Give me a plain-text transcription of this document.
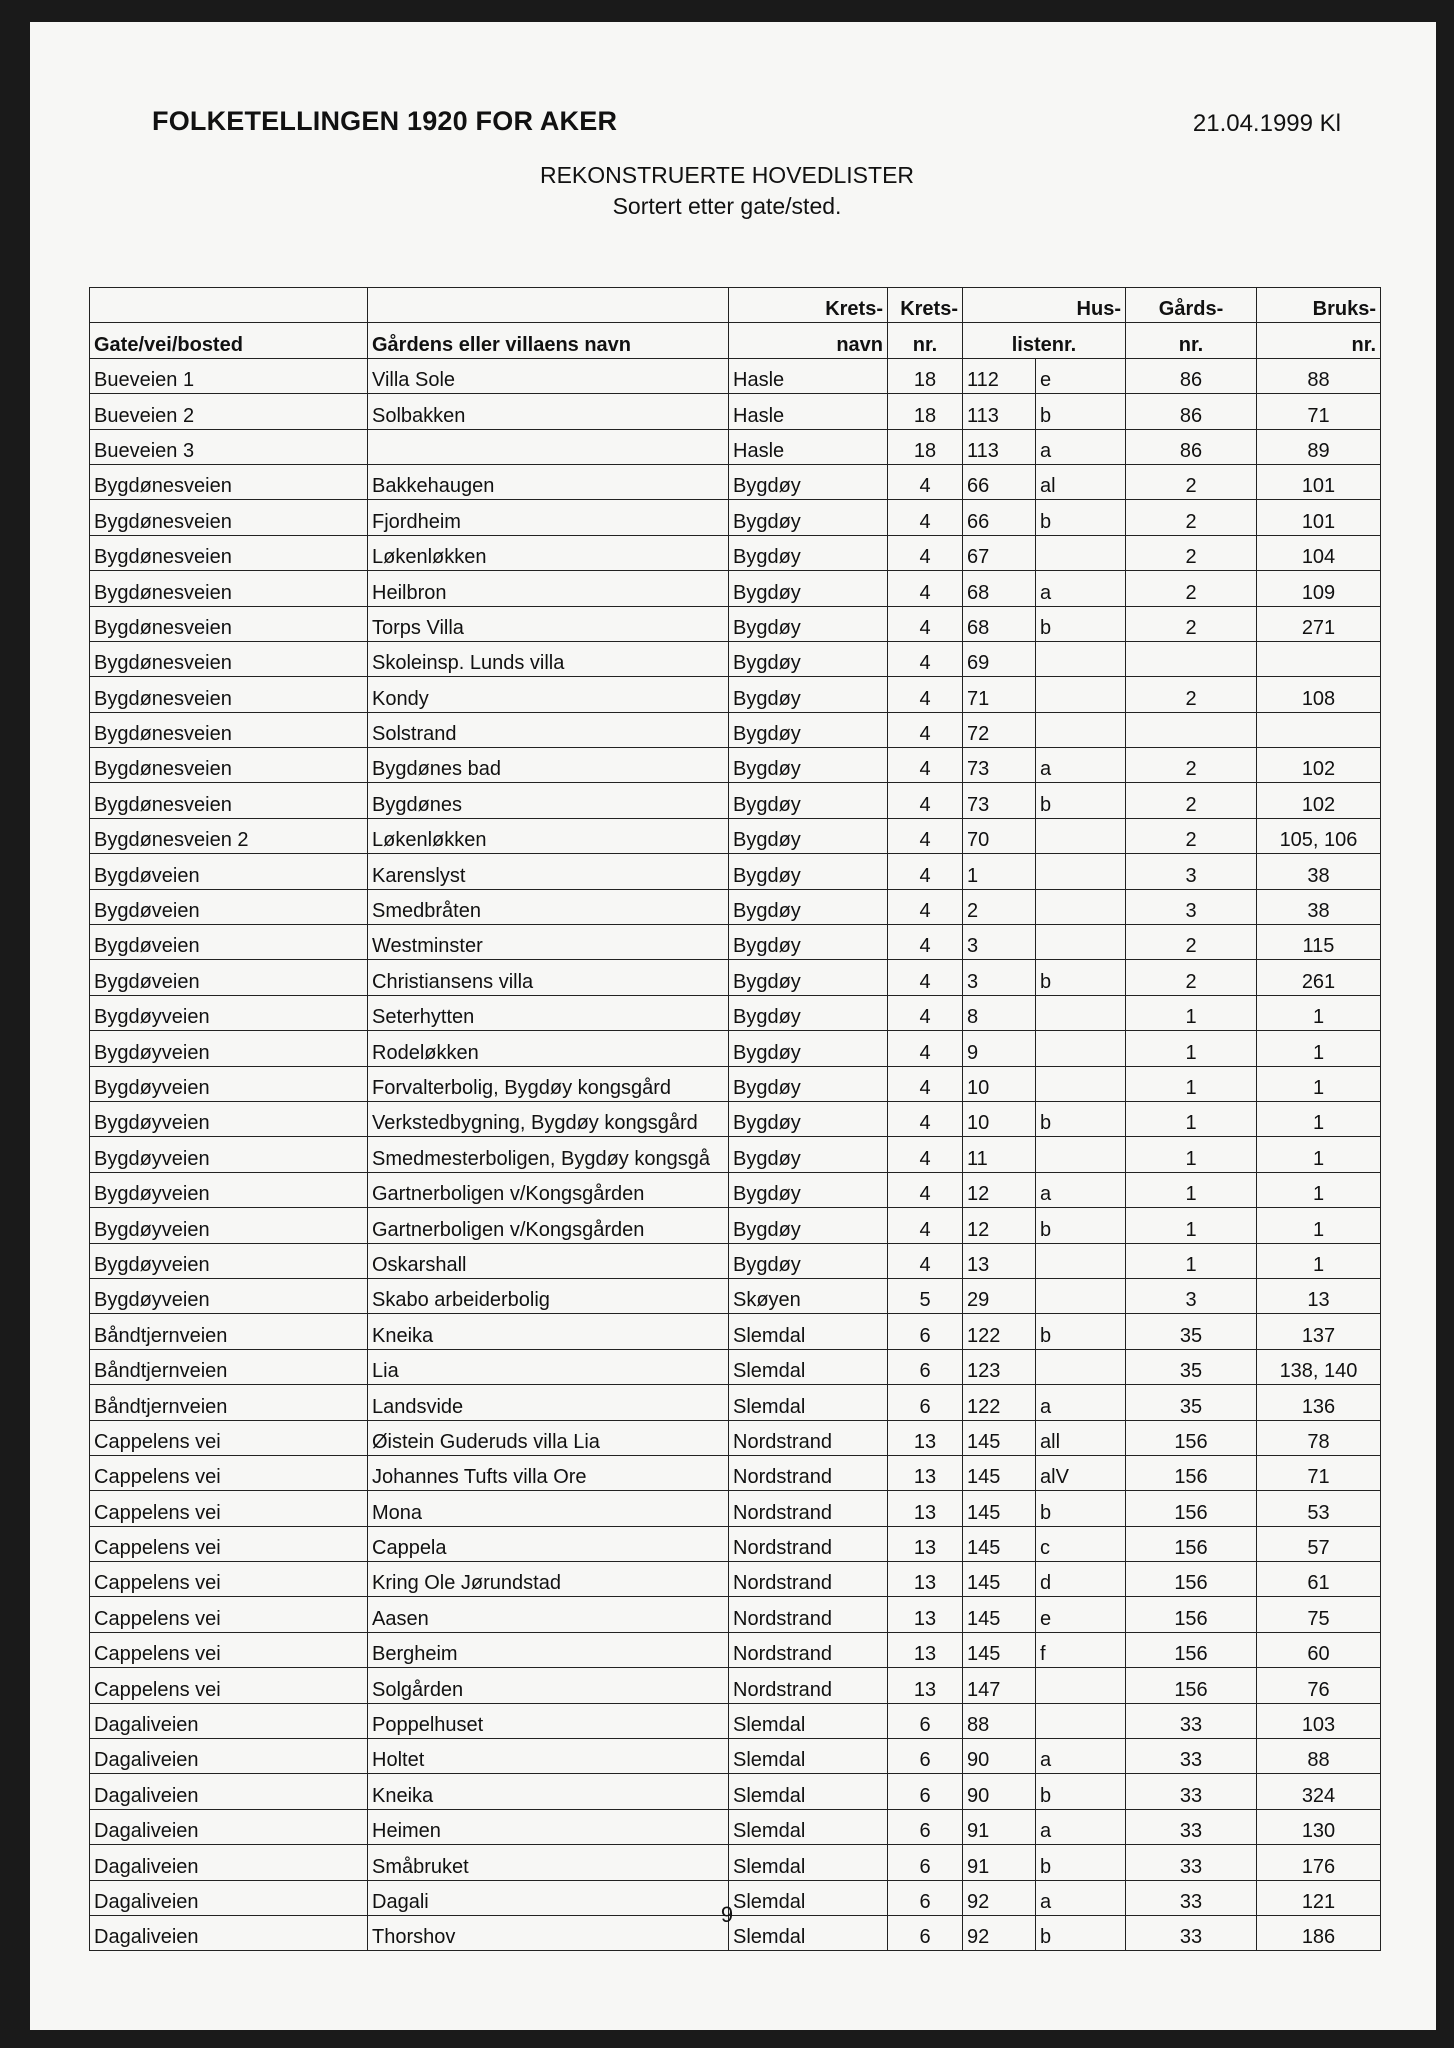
FOLKETELLINGEN 1920 FOR AKER	21.04.1999 Kl
REKONSTRUERTE HOVEDLISTER
Sortert etter gate/sted.
		Krets-	Krets-	Hus-		Gårds-	Bruks-
Gate/vei/bosted	Gårdens eller villaens navn	navn	nr.	listenr.		nr.	nr.
Bueveien 1	Villa Sole	Hasle	18	112	e	86	88
Bueveien 2	Solbakken	Hasle	18	113	b	86	71
Bueveien 3		Hasle	18	113	a	86	89
Bygdønesveien	Bakkehaugen	Bygdøy	4	66	al	2	101
Bygdønesveien	Fjordheim	Bygdøy	4	66	b	2	101
Bygdønesveien	Løkenløkken	Bygdøy	4	67		2	104
Bygdønesveien	Heilbron	Bygdøy	4	68	a	2	109
Bygdønesveien	Torps Villa	Bygdøy	4	68	b	2	271
Bygdønesveien	Skoleinsp. Lunds villa	Bygdøy	4	69			
Bygdønesveien	Kondy	Bygdøy	4	71		2	108
Bygdønesveien	Solstrand	Bygdøy	4	72			
Bygdønesveien	Bygdønes bad	Bygdøy	4	73	a	2	102
Bygdønesveien	Bygdønes	Bygdøy	4	73	b	2	102
Bygdønesveien 2	Løkenløkken	Bygdøy	4	70		2	105, 106
Bygdøveien	Karenslyst	Bygdøy	4	1		3	38
Bygdøveien	Smedbråten	Bygdøy	4	2		3	38
Bygdøveien	Westminster	Bygdøy	4	3		2	115
Bygdøveien	Christiansens villa	Bygdøy	4	3	b	2	261
Bygdøyveien	Seterhytten	Bygdøy	4	8		1	1
Bygdøyveien	Rodeløkken	Bygdøy	4	9		1	1
Bygdøyveien	Forvalterbolig, Bygdøy kongsgård	Bygdøy	4	10		1	1
Bygdøyveien	Verkstedbygning, Bygdøy kongsgård	Bygdøy	4	10	b	1	1
Bygdøyveien	Smedmesterboligen, Bygdøy kongsgå	Bygdøy	4	11		1	1
Bygdøyveien	Gartnerboligen v/Kongsgården	Bygdøy	4	12	a	1	1
Bygdøyveien	Gartnerboligen v/Kongsgården	Bygdøy	4	12	b	1	1
Bygdøyveien	Oskarshall	Bygdøy	4	13		1	1
Bygdøyveien	Skabo arbeiderbolig	Skøyen	5	29		3	13
Båndtjernveien	Kneika	Slemdal	6	122	b	35	137
Båndtjernveien	Lia	Slemdal	6	123		35	138, 140
Båndtjernveien	Landsvide	Slemdal	6	122	a	35	136
Cappelens vei	Øistein Guderuds villa Lia	Nordstrand	13	145	all	156	78
Cappelens vei	Johannes Tufts villa Ore	Nordstrand	13	145	alV	156	71
Cappelens vei	Mona	Nordstrand	13	145	b	156	53
Cappelens vei	Cappela	Nordstrand	13	145	c	156	57
Cappelens vei	Kring Ole Jørundstad	Nordstrand	13	145	d	156	61
Cappelens vei	Aasen	Nordstrand	13	145	e	156	75
Cappelens vei	Bergheim	Nordstrand	13	145	f	156	60
Cappelens vei	Solgården	Nordstrand	13	147		156	76
Dagaliveien	Poppelhuset	Slemdal	6	88		33	103
Dagaliveien	Holtet	Slemdal	6	90	a	33	88
Dagaliveien	Kneika	Slemdal	6	90	b	33	324
Dagaliveien	Heimen	Slemdal	6	91	a	33	130
Dagaliveien	Småbruket	Slemdal	6	91	b	33	176
Dagaliveien	Dagali	Slemdal	6	92	a	33	121
Dagaliveien	Thorshov	Slemdal	6	92	b	33	186
9
